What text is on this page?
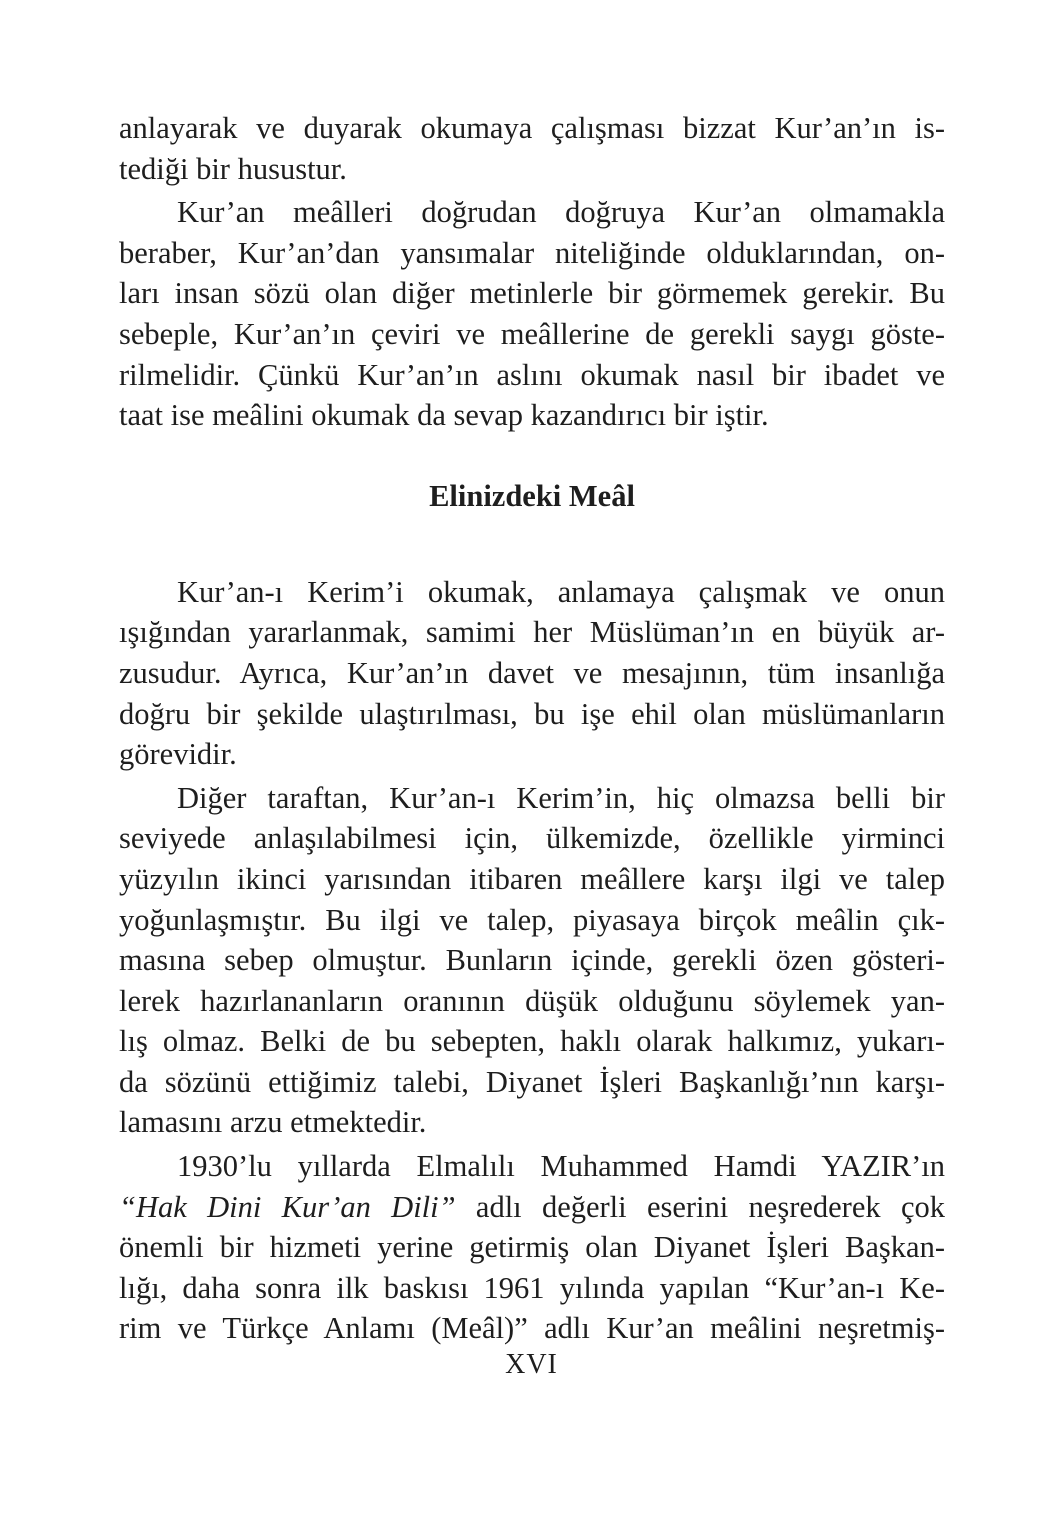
anlayarak ve duyarak okumaya çalışması bizzat Kur’an’ın is-
tediği bir husustur.
Kur’an meâlleri doğrudan doğruya Kur’an olmamakla
beraber, Kur’an’dan yansımalar niteliğinde olduklarından, on-
ları insan sözü olan diğer metinlerle bir görmemek gerekir. Bu
sebeple, Kur’an’ın çeviri ve meâllerine de gerekli saygı göste-
rilmelidir. Çünkü Kur’an’ın aslını okumak nasıl bir ibadet ve
taat ise meâlini okumak da sevap kazandırıcı bir iştir.
Elinizdeki Meâl
Kur’an-ı Kerim’i okumak, anlamaya çalışmak ve onun
ışığından yararlanmak, samimi her Müslüman’ın en büyük ar-
zusudur. Ayrıca, Kur’an’ın davet ve mesajının, tüm insanlığa
doğru bir şekilde ulaştırılması, bu işe ehil olan müslümanların
görevidir.
Diğer taraftan, Kur’an-ı Kerim’in, hiç olmazsa belli bir
seviyede anlaşılabilmesi için, ülkemizde, özellikle yirminci
yüzyılın ikinci yarısından itibaren meâllere karşı ilgi ve talep
yoğunlaşmıştır. Bu ilgi ve talep, piyasaya birçok meâlin çık-
masına sebep olmuştur. Bunların içinde, gerekli özen gösteri-
lerek hazırlananların oranının düşük olduğunu söylemek yan-
lış olmaz. Belki de bu sebepten, haklı olarak halkımız, yukarı-
da sözünü ettiğimiz talebi, Diyanet İşleri Başkanlığı’nın karşı-
lamasını arzu etmektedir.
1930’lu yıllarda Elmalılı Muhammed Hamdi YAZIR’ın
“Hak Dini Kur’an Dili” adlı değerli eserini neşrederek çok
önemli bir hizmeti yerine getirmiş olan Diyanet İşleri Başkan-
lığı, daha sonra ilk baskısı 1961 yılında yapılan “Kur’an-ı Ke-
rim ve Türkçe Anlamı (Meâl)” adlı Kur’an meâlini neşretmiş-
XVI
